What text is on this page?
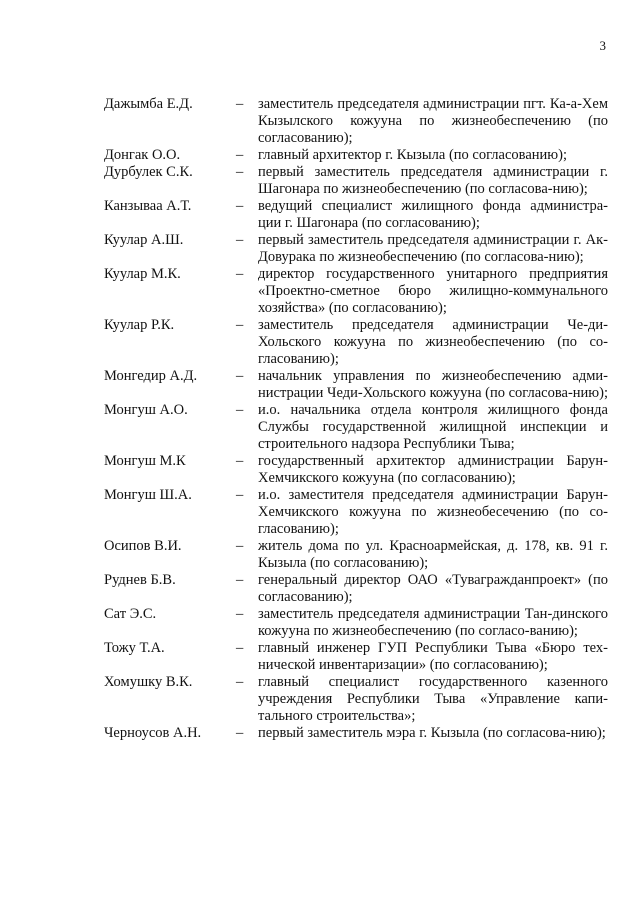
3
Дажымба Е.Д.	–	заместитель председателя администрации пгт. Ка-а-Хем Кызылского кожууна по жизнеобеспечению (по согласованию);
Донгак О.О.	–	главный архитектор г. Кызыла (по согласованию);
Дурбулек С.К.	–	первый заместитель председателя администрации г. Шагонара по жизнеобеспечению (по согласова-нию);
Канзываа А.Т.	–	ведущий специалист жилищного фонда администра-ции г. Шагонара (по согласованию);
Куулар А.Ш.	–	первый заместитель председателя администрации г. Ак-Довурака по жизнеобеспечению (по согласова-нию);
Куулар М.К.	–	директор государственного унитарного предприятия «Проектно-сметное бюро жилищно-коммунального хозяйства» (по согласованию);
Куулар Р.К.	–	заместитель председателя администрации Че-ди-Хольского кожууна по жизнеобеспечению (по со-гласованию);
Монгедир А.Д.	–	начальник управления по жизнеобеспечению адми-нистрации Чеди-Хольского кожууна (по согласова-нию);
Монгуш А.О.	–	и.о. начальника отдела контроля жилищного фонда Службы государственной жилищной инспекции и строительного надзора Республики Тыва;
Монгуш М.К	–	государственный архитектор администрации Барун-Хемчикского кожууна (по согласованию);
Монгуш Ш.А.	–	и.о. заместителя председателя администрации Барун-Хемчикского кожууна по жизнеобесечению (по со-гласованию);
Осипов В.И.	–	житель дома по ул. Красноармейская, д. 178, кв. 91 г. Кызыла (по согласованию);
Руднев Б.В.	–	генеральный директор ОАО «Тувагражданпроект» (по согласованию);
Сат Э.С.	–	заместитель председателя администрации Тан-динского кожууна по жизнеобеспечению (по согласо-ванию);
Тожу Т.А.	–	главный инженер ГУП Республики Тыва «Бюро тех-нической инвентаризации» (по согласованию);
Хомушку В.К.	–	главный специалист государственного казенного учреждения Республики Тыва «Управление капи-тального строительства»;
Черноусов А.Н.	–	первый заместитель мэра г. Кызыла (по согласова-нию);
